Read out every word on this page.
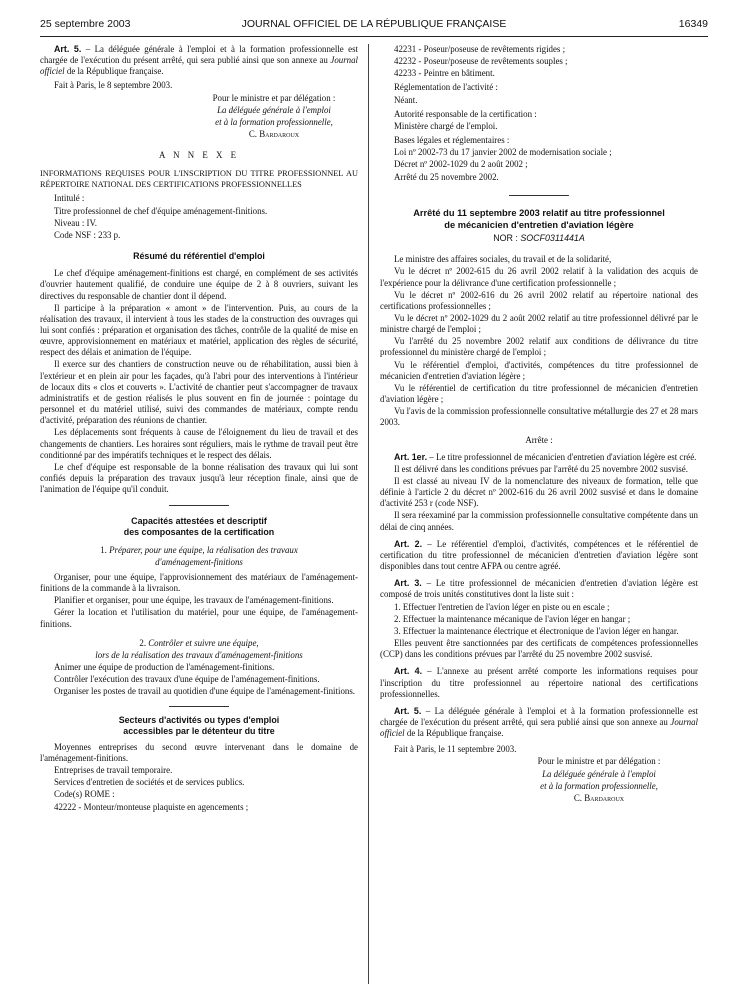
25 septembre 2003	JOURNAL OFFICIEL DE LA RÉPUBLIQUE FRANÇAISE	16349

Art. 5. – La déléguée générale à l'emploi et à la formation professionnelle est chargée de l'exécution du présent arrêté, qui sera publié ainsi que son annexe au Journal officiel de la République française.

Fait à Paris, le 8 septembre 2003.

Pour le ministre et par délégation :

La déléguée générale à l'emploi

et à la formation professionnelle,

C. Bardaroux

A N N E X E

INFORMATIONS REQUISES POUR L'INSCRIPTION DU TITRE PROFESSIONNEL AU RÉPERTOIRE NATIONAL DES CERTIFICATIONS PROFESSIONNELLES

Intitulé :

Titre professionnel de chef d'équipe aménagement-finitions.

Niveau : IV.

Code NSF : 233 p.

Résumé du référentiel d'emploi

Le chef d'équipe aménagement-finitions est chargé, en complément de ses activités d'ouvrier hautement qualifié, de conduire une équipe de 2 à 8 ouvriers, suivant les directives du responsable de chantier dont il dépend.

Il participe à la préparation « amont » de l'intervention. Puis, au cours de la réalisation des travaux, il intervient à tous les stades de la construction des ouvrages qui lui sont confiés : préparation et organisation des tâches, contrôle de la qualité de mise en œuvre, approvisionnement en matériaux et matériel, application des règles de sécurité, respect des délais et animation de l'équipe.

Il exerce sur des chantiers de construction neuve ou de réhabilitation, aussi bien à l'extérieur et en plein air pour les façades, qu'à l'abri pour des interventions à l'intérieur de locaux dits « clos et couverts ». L'activité de chantier peut s'accompagner de travaux administratifs et de gestion réalisés le plus souvent en fin de journée : pointage du personnel et du matériel utilisé, suivi des commandes de matériaux, compte rendu d'activité, préparation des réunions de chantier.

Les déplacements sont fréquents à cause de l'éloignement du lieu de travail et des changements de chantiers. Les horaires sont réguliers, mais le rythme de travail peut être conditionné par des impératifs techniques et le respect des délais.

Le chef d'équipe est responsable de la bonne réalisation des travaux qui lui sont confiés depuis la préparation des travaux jusqu'à leur réception finale, ainsi que de l'animation de l'équipe qu'il conduit.

Capacités attestées et descriptif

des composantes de la certification

1. Préparer, pour une équipe, la réalisation des travaux

d'aménagement-finitions

Organiser, pour une équipe, l'approvisionnement des matériaux de l'aménagement-finitions de la commande à la livraison.

Planifier et organiser, pour une équipe, les travaux de l'aménagement-finitions.

Gérer la location et l'utilisation du matériel, pour une équipe, de l'aménagement-finitions.

2. Contrôler et suivre une équipe,

lors de la réalisation des travaux d'aménagement-finitions

Animer une équipe de production de l'aménagement-finitions.

Contrôler l'exécution des travaux d'une équipe de l'aménagement-finitions.

Organiser les postes de travail au quotidien d'une équipe de l'aménagement-finitions.

Secteurs d'activités ou types d'emploi

accessibles par le détenteur du titre

Moyennes entreprises du second œuvre intervenant dans le domaine de l'aménagement-finitions.

Entreprises de travail temporaire.

Services d'entretien de sociétés et de services publics.

Code(s) ROME :

42222 - Monteur/monteuse plaquiste en agencements ;

42231 - Poseur/poseuse de revêtements rigides ;

42232 - Poseur/poseuse de revêtements souples ;

42233 - Peintre en bâtiment.

Réglementation de l'activité :

Néant.

Autorité responsable de la certification :

Ministère chargé de l'emploi.

Bases légales et réglementaires :

Loi nº 2002-73 du 17 janvier 2002 de modernisation sociale ;

Décret nº 2002-1029 du 2 août 2002 ;

Arrêté du 25 novembre 2002.

Arrêté du 11 septembre 2003 relatif au titre professionnel

de mécanicien d'entretien d'aviation légère

NOR : SOCF0311441A

Le ministre des affaires sociales, du travail et de la solidarité,

Vu le décret nº 2002-615 du 26 avril 2002 relatif à la validation des acquis de l'expérience pour la délivrance d'une certification professionnelle ;

Vu le décret nº 2002-616 du 26 avril 2002 relatif au répertoire national des certifications professionnelles ;

Vu le décret nº 2002-1029 du 2 août 2002 relatif au titre professionnel délivré par le ministre chargé de l'emploi ;

Vu l'arrêté du 25 novembre 2002 relatif aux conditions de délivrance du titre professionnel du ministère chargé de l'emploi ;

Vu le référentiel d'emploi, d'activités, compétences du titre professionnel de mécanicien d'entretien d'aviation légère ;

Vu le référentiel de certification du titre professionnel de mécanicien d'entretien d'aviation légère ;

Vu l'avis de la commission professionnelle consultative métallurgie des 27 et 28 mars 2003.

Arrête :

Art. 1er. – Le titre professionnel de mécanicien d'entretien d'aviation légère est créé.

Il est délivré dans les conditions prévues par l'arrêté du 25 novembre 2002 susvisé.

Il est classé au niveau IV de la nomenclature des niveaux de formation, telle que définie à l'article 2 du décret nº 2002-616 du 26 avril 2002 susvisé et dans le domaine d'activité 253 r (code NSF).

Il sera réexaminé par la commission professionnelle consultative compétente dans un délai de cinq années.

Art. 2. – Le référentiel d'emploi, d'activités, compétences et le référentiel de certification du titre professionnel de mécanicien d'entretien d'aviation légère sont disponibles dans tout centre AFPA ou centre agréé.

Art. 3. – Le titre professionnel de mécanicien d'entretien d'aviation légère est composé de trois unités constitutives dont la liste suit :

1. Effectuer l'entretien de l'avion léger en piste ou en escale ;

2. Effectuer la maintenance mécanique de l'avion léger en hangar ;

3. Effectuer la maintenance électrique et électronique de l'avion léger en hangar.

Elles peuvent être sanctionnées par des certificats de compétences professionnelles (CCP) dans les conditions prévues par l'arrêté du 25 novembre 2002 susvisé.

Art. 4. – L'annexe au présent arrêté comporte les informations requises pour l'inscription du titre professionnel au répertoire national des certifications professionnelles.

Art. 5. – La déléguée générale à l'emploi et à la formation professionnelle est chargée de l'exécution du présent arrêté, qui sera publié ainsi que son annexe au Journal officiel de la République française.

Fait à Paris, le 11 septembre 2003.

Pour le ministre et par délégation :

La déléguée générale à l'emploi

et à la formation professionnelle,

C. Bardaroux
